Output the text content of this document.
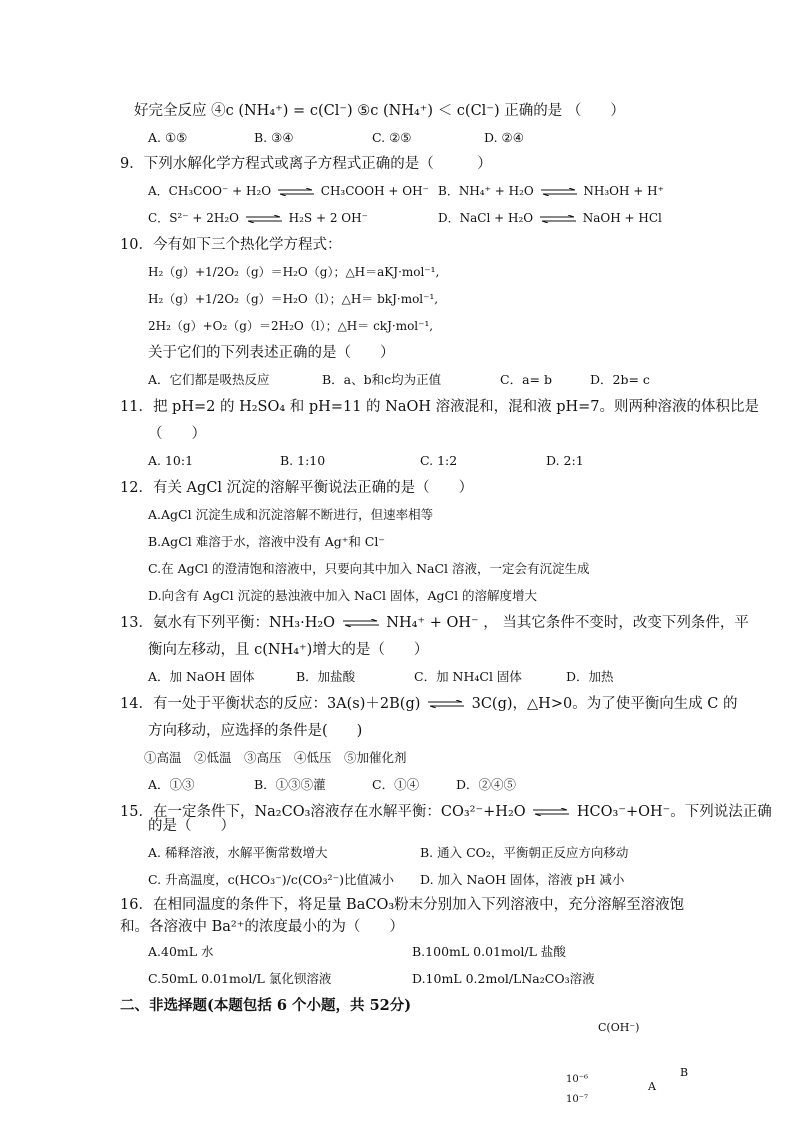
好完全反应 ④c (NH₄⁺) = c(Cl⁻) ⑤c (NH₄⁺) ＜ c(Cl⁻) 正确的是 （　　）
A. ①⑤	B. ③④	C. ②⑤	D. ②④
9．下列水解化学方程式或离子方程式正确的是（　　　）
A．CH₃COO⁻ + H₂O ⇌ CH₃COOH + OH⁻ B．NH₄⁺ + H₂O ⇌ NH₃OH + H⁺
C．S²⁻ + 2H₂O ⇌ H₂S + 2 OH⁻	D．NaCl + H₂O ⇌ NaOH + HCl
10．今有如下三个热化学方程式：
H₂（g）+1/2O₂（g）＝H₂O（g）；△H＝aKJ·mol⁻¹,
H₂（g）+1/2O₂（g）＝H₂O（l）；△H＝ bkJ·mol⁻¹,
2H₂（g）+O₂（g）＝2H₂O（l）；△H＝ ckJ·mol⁻¹,
关于它们的下列表述正确的是（　　）
A．它们都是吸热反应	B．a、b和c均为正值	C．a= b	D．2b= c
11．把 pH=2 的 H₂SO₄ 和 pH=11 的 NaOH 溶液混和，混和液 pH=7。则两种溶液的体积比是
（　　）
A. 10:1	B. 1:10	C. 1:2	D. 2:1
12．有关 AgCl 沉淀的溶解平衡说法正确的是（　　）
A.AgCl 沉淀生成和沉淀溶解不断进行，但速率相等
B.AgCl 难溶于水，溶液中没有 Ag⁺和 Cl⁻
C.在 AgCl 的澄清饱和溶液中，只要向其中加入 NaCl 溶液，一定会有沉淀生成
D.向含有 AgCl 沉淀的悬浊液中加入 NaCl 固体，AgCl 的溶解度增大
13．氨水有下列平衡：NH₃·H₂O ⇌ NH₄⁺ + OH⁻ ， 当其它条件不变时，改变下列条件，平
衡向左移动，且 c(NH₄⁺)增大的是（　　）
A．加 NaOH 固体	B．加盐酸	C．加 NH₄Cl 固体	D．加热
14．有一处于平衡状态的反应：3A(s)＋2B(g) ⇌ 3C(g)，△H>0。为了使平衡向生成 C 的
方向移动，应选择的条件是(　　)
①高温　②低温　③高压　④低压　⑤加催化剂
A．①③	B．①③⑤灌	C．①④	D．②④⑤
15．在一定条件下，Na₂CO₃溶液存在水解平衡：CO₃²⁻+H₂O ⇌ HCO₃⁻+OH⁻。下列说法正确
的是（　　）
A. 稀释溶液，水解平衡常数增大	B. 通入 CO₂，平衡朝正反应方向移动
C. 升高温度，c(HCO₃⁻)/c(CO₃²⁻)比值减小 D. 加入 NaOH 固体，溶液 pH 减小
16．在相同温度的条件下，将足量 BaCO₃粉末分别加入下列溶液中，充分溶解至溶液饱
和。各溶液中 Ba²⁺的浓度最小的为（　　）
A.40mL 水	B.100mL 0.01mol/L 盐酸
C.50mL 0.01mol/L 氯化钡溶液	D.10mL 0.2mol/LNa₂CO₃溶液
二、非选择题(本题包括 6 个小题，共 52分)
C(OH⁻)
10⁻⁶
10⁻⁷
A
B
